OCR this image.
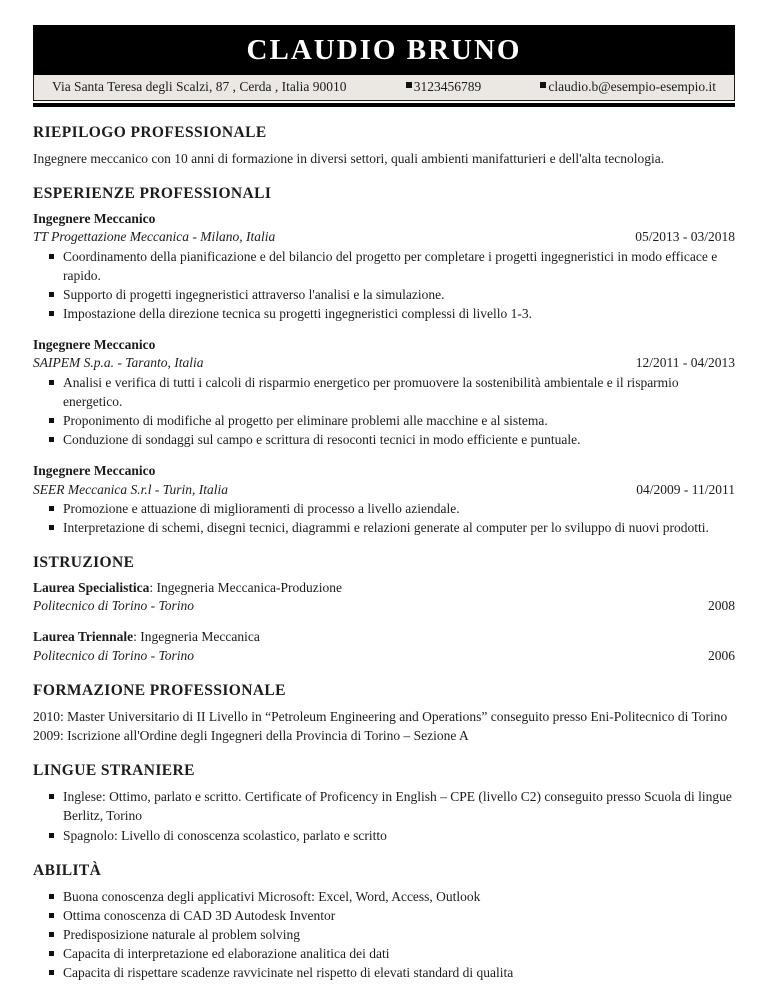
CLAUDIO BRUNO
Via Santa Teresa degli Scalzi, 87 , Cerda , Italia 90010	3123456789	claudio.b@esempio-esempio.it
RIEPILOGO PROFESSIONALE

Ingegnere meccanico con 10 anni di formazione in diversi settori, quali ambienti manifatturieri e dell'alta tecnologia.

ESPERIENZE PROFESSIONALI
Ingegnere Meccanico
TT Progettazione Meccanica - Milano, Italia	05/2013 - 03/2018
Coordinamento della pianificazione e del bilancio del progetto per completare i progetti ingegneristici in modo efficace e rapido.
Supporto di progetti ingegneristici attraverso l'analisi e la simulazione.
Impostazione della direzione tecnica su progetti ingegneristici complessi di livello 1-3.
Ingegnere Meccanico
SAIPEM S.p.a. - Taranto, Italia	12/2011 - 04/2013
Analisi e verifica di tutti i calcoli di risparmio energetico per promuovere la sostenibilità ambientale e il risparmio energetico.
Proponimento di modifiche al progetto per eliminare problemi alle macchine e al sistema.
Conduzione di sondaggi sul campo e scrittura di resoconti tecnici in modo efficiente e puntuale.
Ingegnere Meccanico
SEER Meccanica S.r.l - Turin, Italia	04/2009 - 11/2011
Promozione e attuazione di miglioramenti di processo a livello aziendale.
Interpretazione di schemi, disegni tecnici, diagrammi e relazioni generate al computer per lo sviluppo di nuovi prodotti.
ISTRUZIONE
Laurea Specialistica: Ingegneria Meccanica-Produzione
Politecnico di Torino - Torino	2008
Laurea Triennale: Ingegneria Meccanica
Politecnico di Torino - Torino	2006
FORMAZIONE PROFESSIONALE
2010: Master Universitario di II Livello in “Petroleum Engineering and Operations” conseguito presso Eni-Politecnico di Torino
2009: Iscrizione all'Ordine degli Ingegneri della Provincia di Torino – Sezione A
LINGUE STRANIERE
Inglese: Ottimo, parlato e scritto. Certificate of Proficency in English – CPE (livello C2) conseguito presso Scuola di lingue Berlitz, Torino
Spagnolo: Livello di conoscenza scolastico, parlato e scritto
ABILITÀ
Buona conoscenza degli applicativi Microsoft: Excel, Word, Access, Outlook
Ottima conoscenza di CAD 3D Autodesk Inventor
Predisposizione naturale al problem solving
Capacita di interpretazione ed elaborazione analitica dei dati
Capacita di rispettare scadenze ravvicinate nel rispetto di elevati standard di qualita
